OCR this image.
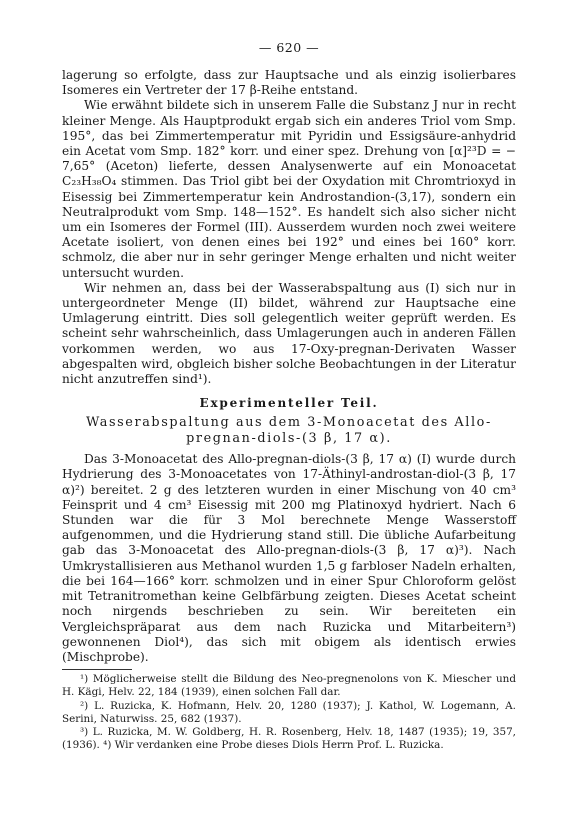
— 620 —

lagerung so erfolgte, dass zur Hauptsache und als einzig isolierbares Isomeres ein Vertreter der 17 β-Reihe entstand.

Wie erwähnt bildete sich in unserem Falle die Substanz J nur in recht kleiner Menge. Als Hauptprodukt ergab sich ein anderes Triol vom Smp. 195°, das bei Zimmertemperatur mit Pyridin und Essigsäure-anhydrid ein Acetat vom Smp. 182° korr. und einer spez. Drehung von [α]²³D = − 7,65° (Aceton) lieferte, dessen Analysenwerte auf ein Monoacetat C₂₃H₃₈O₄ stimmen. Das Triol gibt bei der Oxydation mit Chromtrioxyd in Eisessig bei Zimmertemperatur kein Androstandion-(3,17), sondern ein Neutralprodukt vom Smp. 148—152°. Es handelt sich also sicher nicht um ein Isomeres der Formel (III). Ausserdem wurden noch zwei weitere Acetate isoliert, von denen eines bei 192° und eines bei 160° korr. schmolz, die aber nur in sehr geringer Menge erhalten und nicht weiter untersucht wurden.

Wir nehmen an, dass bei der Wasserabspaltung aus (I) sich nur in untergeordneter Menge (II) bildet, während zur Hauptsache eine Umlagerung eintritt. Dies soll gelegentlich weiter geprüft werden. Es scheint sehr wahrscheinlich, dass Umlagerungen auch in anderen Fällen vorkommen werden, wo aus 17-Oxy-pregnan-Derivaten Wasser abgespalten wird, obgleich bisher solche Beobachtungen in der Literatur nicht anzutreffen sind¹).

Experimenteller Teil.
Wasserabspaltung aus dem 3-Monoacetat des Allo-pregnan-diols-(3 β, 17 α).

Das 3-Monoacetat des Allo-pregnan-diols-(3 β, 17 α) (I) wurde durch Hydrierung des 3-Monoacetates von 17-Äthinyl-androstan-diol-(3 β, 17 α)²) bereitet. 2 g des letzteren wurden in einer Mischung von 40 cm³ Feinsprit und 4 cm³ Eisessig mit 200 mg Platinoxyd hydriert. Nach 6 Stunden war die für 3 Mol berechnete Menge Wasserstoff aufgenommen, und die Hydrierung stand still. Die übliche Aufarbeitung gab das 3-Monoacetat des Allo-pregnan-diols-(3 β, 17 α)³). Nach Umkrystallisieren aus Methanol wurden 1,5 g farbloser Nadeln erhalten, die bei 164—166° korr. schmolzen und in einer Spur Chloroform gelöst mit Tetranitromethan keine Gelbfärbung zeigten. Dieses Acetat scheint noch nirgends beschrieben zu sein. Wir bereiteten ein Vergleichspräparat aus dem nach Ruzicka und Mitarbeitern³) gewonnenen Diol⁴), das sich mit obigem als identisch erwies (Mischprobe).

¹) Möglicherweise stellt die Bildung des Neo-pregnenolons von K. Miescher und H. Kägi, Helv. 22, 184 (1939), einen solchen Fall dar.

²) L. Ruzicka, K. Hofmann, Helv. 20, 1280 (1937); J. Kathol, W. Logemann, A. Serini, Naturwiss. 25, 682 (1937).

³) L. Ruzicka, M. W. Goldberg, H. R. Rosenberg, Helv. 18, 1487 (1935); 19, 357, (1936). ⁴) Wir verdanken eine Probe dieses Diols Herrn Prof. L. Ruzicka.
